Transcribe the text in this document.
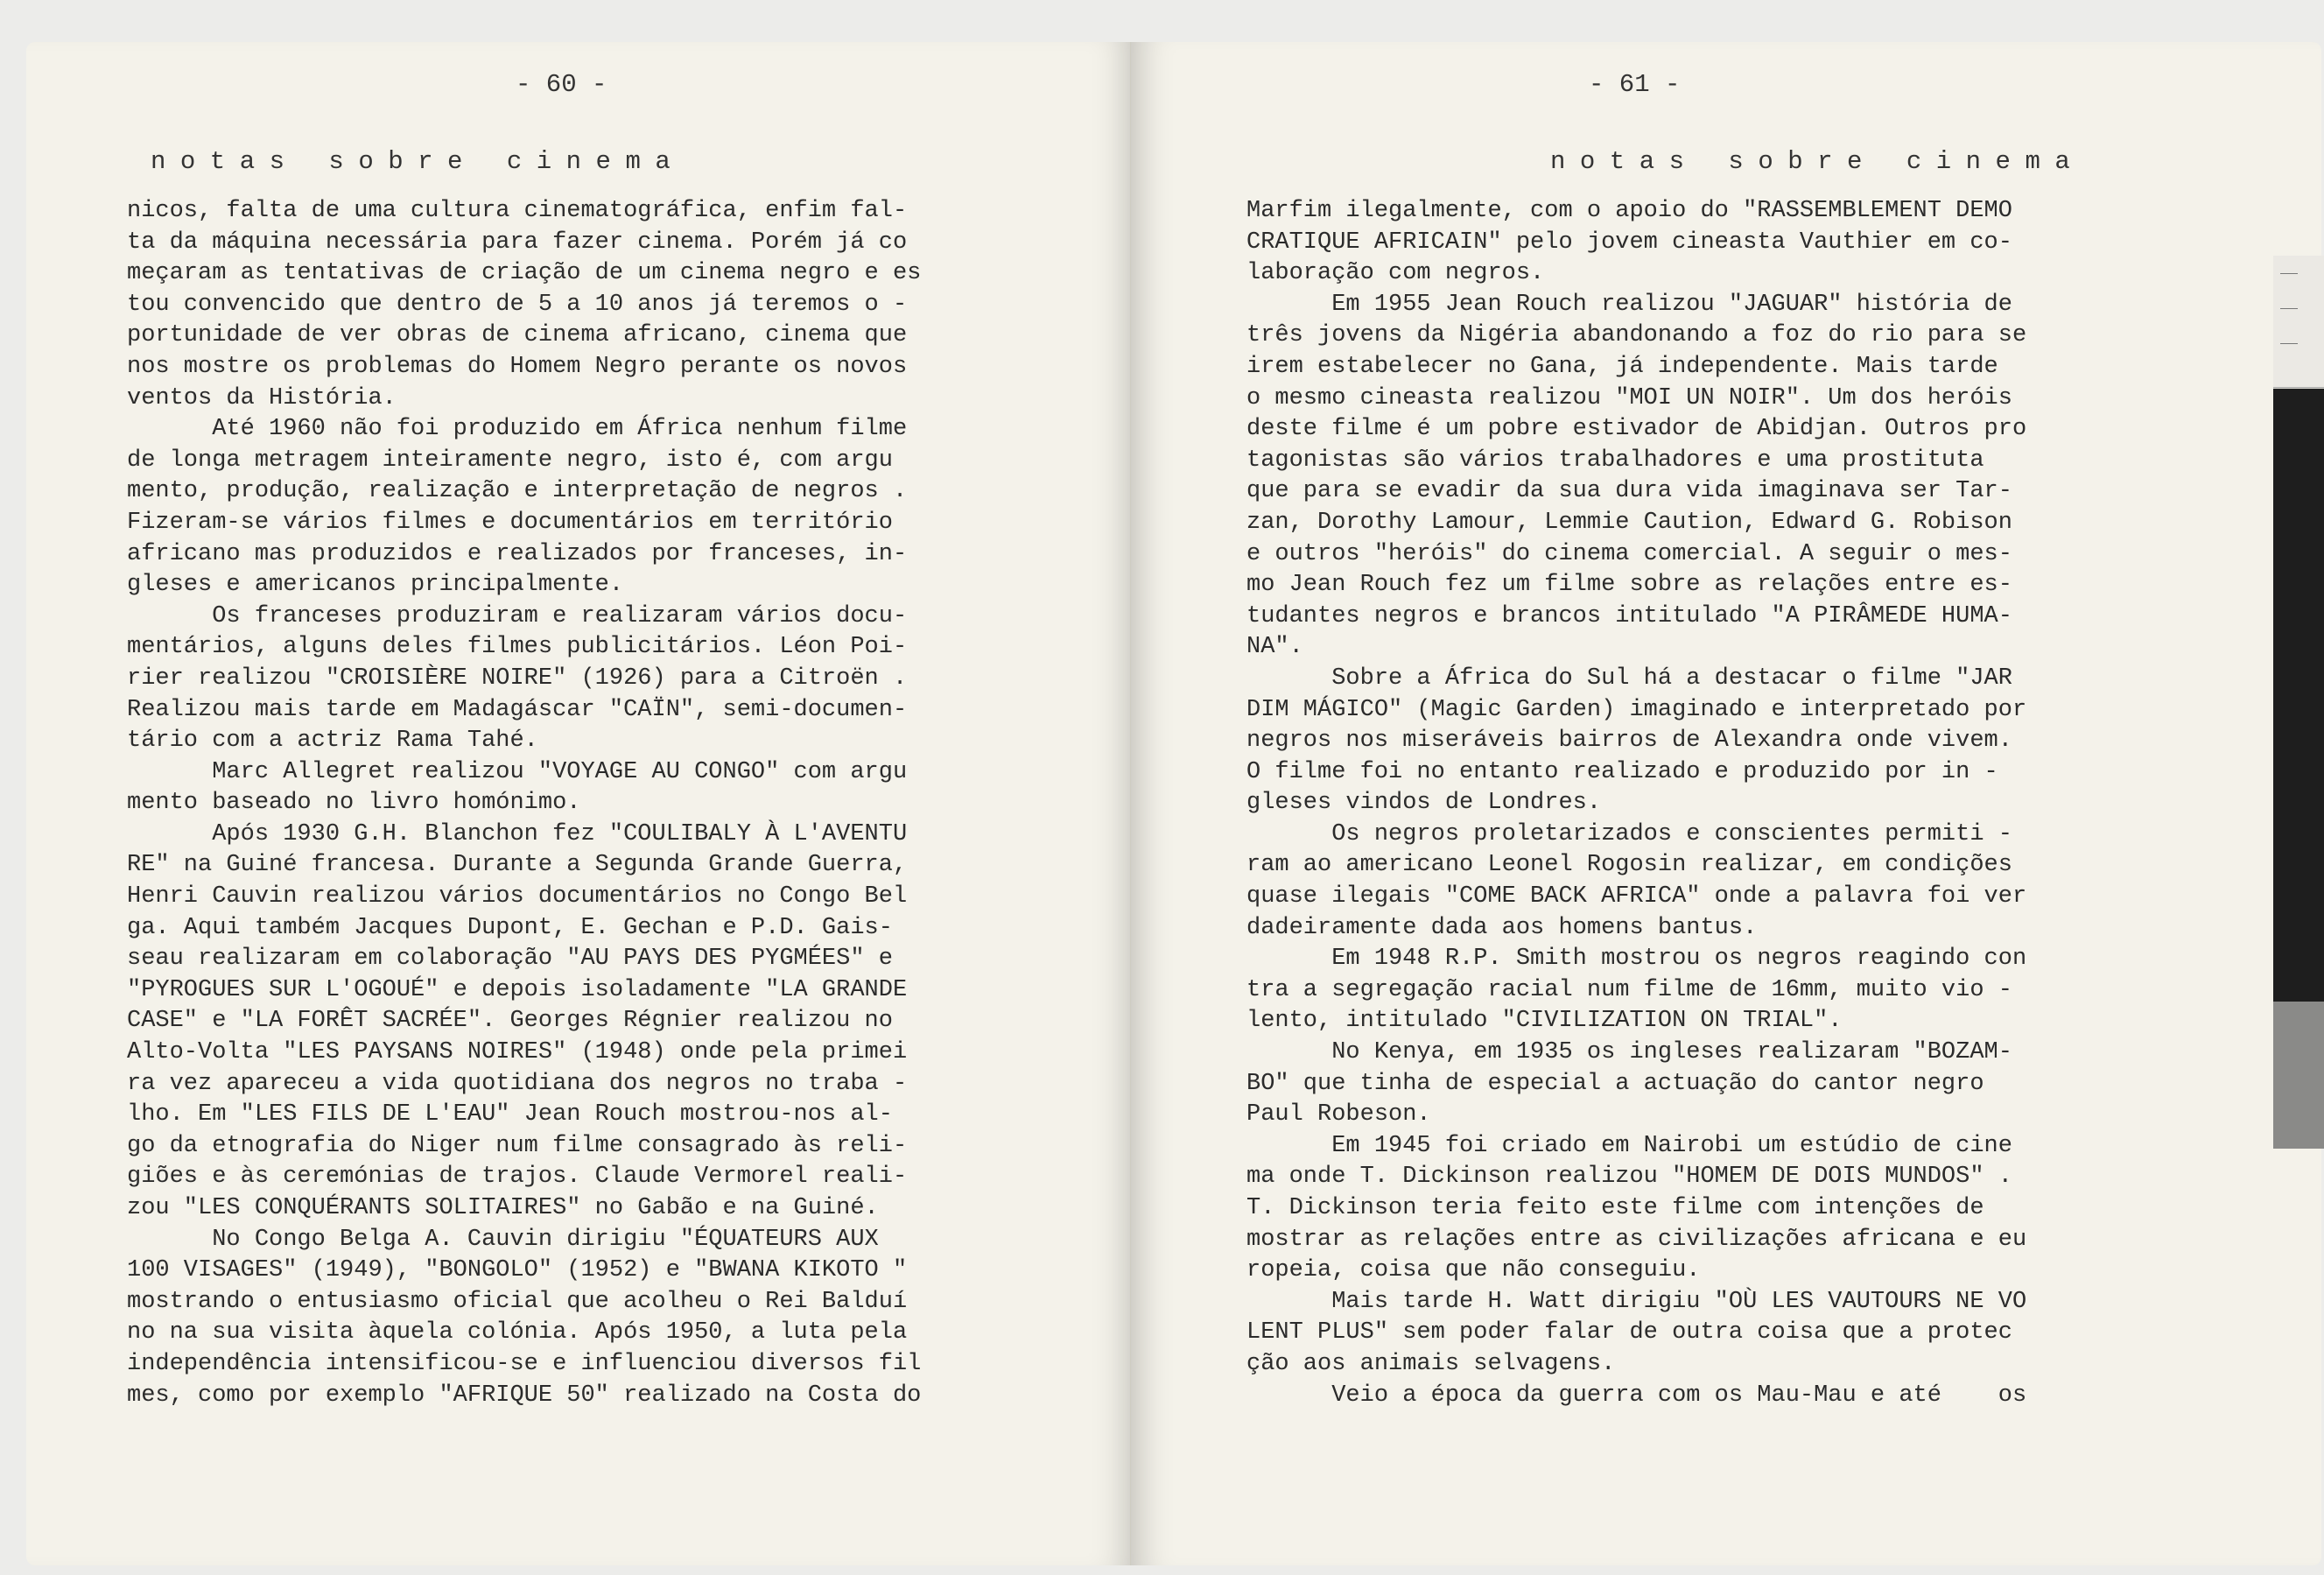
- 60 -
notas sobre cinema
nicos, falta de uma cultura cinematográfica, enfim fal-
ta da máquina necessária para fazer cinema. Porém já co
meçaram as tentativas de criação de um cinema negro e es
tou convencido que dentro de 5 a 10 anos já teremos o -
portunidade de ver obras de cinema africano, cinema que
nos mostre os problemas do Homem Negro perante os novos
ventos da História.
Até 1960 não foi produzido em África nenhum filme
de longa metragem inteiramente negro, isto é, com argu
mento, produção, realização e interpretação de negros .
Fizeram-se vários filmes e documentários em território
africano mas produzidos e realizados por franceses, in-
gleses e americanos principalmente.
Os franceses produziram e realizaram vários docu-
mentários, alguns deles filmes publicitários. Léon Poi-
rier realizou "CROISIÈRE NOIRE" (1926) para a Citroën .
Realizou mais tarde em Madagáscar "CAÏN", semi-documen-
tário com a actriz Rama Tahé.
Marc Allegret realizou "VOYAGE AU CONGO" com argu
mento baseado no livro homónimo.
Após 1930 G.H. Blanchon fez "COULIBALY À L'AVENTU
RE" na Guiné francesa. Durante a Segunda Grande Guerra,
Henri Cauvin realizou vários documentários no Congo Bel
ga. Aqui também Jacques Dupont, E. Gechan e P.D. Gais-
seau realizaram em colaboração "AU PAYS DES PYGMÉES" e
"PYROGUES SUR L'OGOUÉ" e depois isoladamente "LA GRANDE
CASE" e "LA FORÊT SACRÉE". Georges Régnier realizou no
Alto-Volta "LES PAYSANS NOIRES" (1948) onde pela primei
ra vez apareceu a vida quotidiana dos negros no traba -
lho. Em "LES FILS DE L'EAU" Jean Rouch mostrou-nos al-
go da etnografia do Niger num filme consagrado às reli-
giões e às ceremónias de trajos. Claude Vermorel reali-
zou "LES CONQUÉRANTS SOLITAIRES" no Gabão e na Guiné.
No Congo Belga A. Cauvin dirigiu "ÉQUATEURS AUX
100 VISAGES" (1949), "BONGOLO" (1952) e "BWANA KIKOTO "
mostrando o entusiasmo oficial que acolheu o Rei Balduí
no na sua visita àquela colónia. Após 1950, a luta pela
independência intensificou-se e influenciou diversos fil
mes, como por exemplo "AFRIQUE 50" realizado na Costa do
- 61 -
notas sobre cinema
Marfim ilegalmente, com o apoio do "RASSEMBLEMENT DEMO
CRATIQUE AFRICAIN" pelo jovem cineasta Vauthier em co-
laboração com negros.
Em 1955 Jean Rouch realizou "JAGUAR" história de
três jovens da Nigéria abandonando a foz do rio para se
irem estabelecer no Gana, já independente. Mais tarde
o mesmo cineasta realizou "MOI UN NOIR". Um dos heróis
deste filme é um pobre estivador de Abidjan. Outros pro
tagonistas são vários trabalhadores e uma prostituta
que para se evadir da sua dura vida imaginava ser Tar-
zan, Dorothy Lamour, Lemmie Caution, Edward G. Robison
e outros "heróis" do cinema comercial. A seguir o mes-
mo Jean Rouch fez um filme sobre as relações entre es-
tudantes negros e brancos intitulado "A PIRÂMEDE HUMA-
NA".
Sobre a África do Sul há a destacar o filme "JAR
DIM MÁGICO" (Magic Garden) imaginado e interpretado por
negros nos miseráveis bairros de Alexandra onde vivem.
O filme foi no entanto realizado e produzido por in -
gleses vindos de Londres.
Os negros proletarizados e conscientes permiti -
ram ao americano Leonel Rogosin realizar, em condições
quase ilegais "COME BACK AFRICA" onde a palavra foi ver
dadeiramente dada aos homens bantus.
Em 1948 R.P. Smith mostrou os negros reagindo con
tra a segregação racial num filme de 16mm, muito vio -
lento, intitulado "CIVILIZATION ON TRIAL".
No Kenya, em 1935 os ingleses realizaram "BOZAM-
BO" que tinha de especial a actuação do cantor negro
Paul Robeson.
Em 1945 foi criado em Nairobi um estúdio de cine
ma onde T. Dickinson realizou "HOMEM DE DOIS MUNDOS" .
T. Dickinson teria feito este filme com intenções de
mostrar as relações entre as civilizações africana e eu
ropeia, coisa que não conseguiu.
Mais tarde H. Watt dirigiu "OÙ LES VAUTOURS NE VO
LENT PLUS" sem poder falar de outra coisa que a protec
ção aos animais selvagens.
Veio a época da guerra com os Mau-Mau e até    os
